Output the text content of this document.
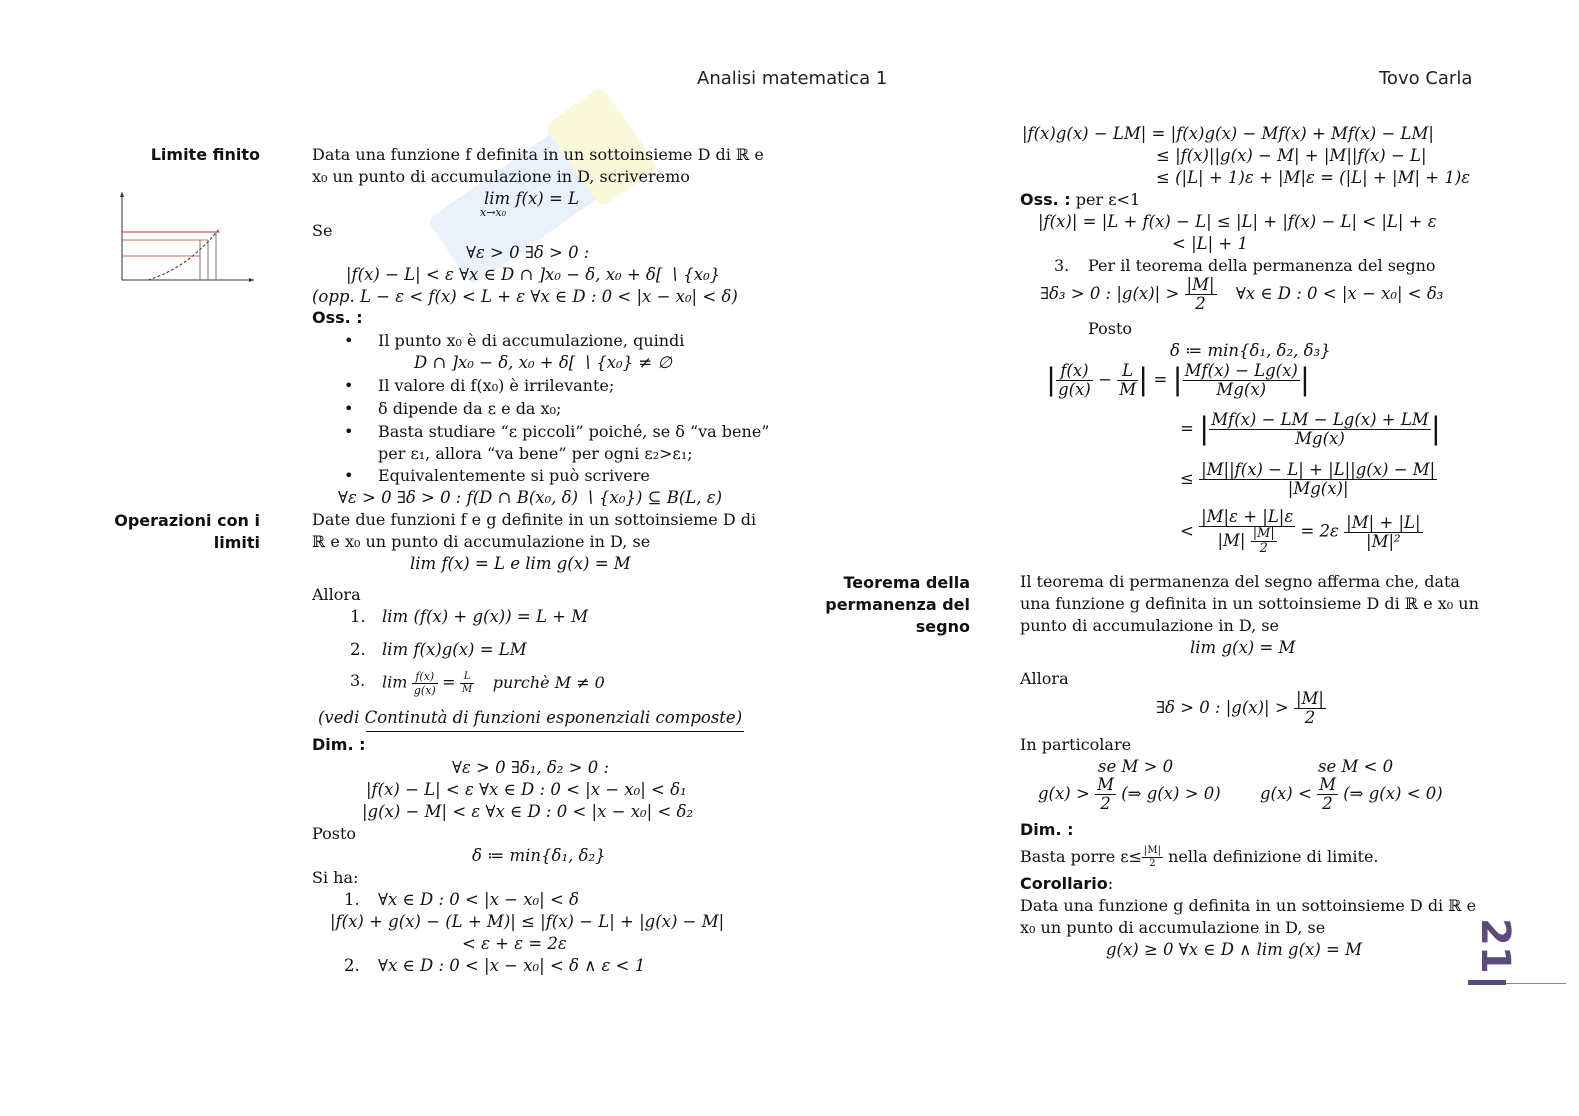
Analisi matematica 1	Tovo Carla
21
Limite finito
Operazioni con i limiti
Teorema della permanenza del segno
Data una funzione f definita in un sottoinsieme D di ℝ e
x₀ un punto di accumulazione in D, scriveremo
lim f(x) = L
x→x₀
Se
∀ε > 0 ∃δ > 0 :
|f(x) − L| < ε ∀x ∈ D ∩ ]x₀ − δ, x₀ + δ[ ∖ {x₀}
(opp. L − ε < f(x) < L + ε ∀x ∈ D : 0 < |x − x₀| < δ)
Oss. :
• Il punto x₀ è di accumulazione, quindi
D ∩ ]x₀ − δ, x₀ + δ[ ∖ {x₀} ≠ ∅
• Il valore di f(x₀) è irrilevante;
• δ dipende da ε e da x₀;
• Basta studiare “ε piccoli” poiché, se δ “va bene”
per ε₁, allora “va bene” per ogni ε₂>ε₁;
• Equivalentemente si può scrivere
∀ε > 0 ∃δ > 0 : f(D ∩ B(x₀, δ) ∖ {x₀}) ⊆ B(L, ε)
Date due funzioni f e g definite in un sottoinsieme D di
ℝ e x₀ un punto di accumulazione in D, se
lim f(x) = L e lim g(x) = M
Allora
1. lim (f(x) + g(x)) = L + M
2. lim f(x)g(x) = LM
3. $\lim \frac{f(x)}{g(x)} = \frac{L}{M}$ purchè M ≠ 0
(vedi Continutà di funzioni esponenziali composte)
Dim. :
∀ε > 0 ∃δ₁, δ₂ > 0 :
|f(x) − L| < ε ∀x ∈ D : 0 < |x − x₀| < δ₁
|g(x) − M| < ε ∀x ∈ D : 0 < |x − x₀| < δ₂
Posto
δ ≔ min{δ₁, δ₂}
Si ha:
1. ∀x ∈ D : 0 < |x − x₀| < δ
|f(x) + g(x) − (L + M)| ≤ |f(x) − L| + |g(x) − M|
< ε + ε = 2ε
2. ∀x ∈ D : 0 < |x − x₀| < δ ∧ ε < 1
|f(x)g(x) − LM| = |f(x)g(x) − Mf(x) + Mf(x) − LM|
≤ |f(x)||g(x) − M| + |M||f(x) − L|
≤ (|L| + 1)ε + |M|ε = (|L| + |M| + 1)ε
Oss. : per ε<1
|f(x)| = |L + f(x) − L| ≤ |L| + |f(x) − L| < |L| + ε
< |L| + 1
3. Per il teorema della permanenza del segno
∃δ₃ > 0 : $|g(x)| > \frac{|M|}{2}$ ∀x ∈ D : 0 < |x − x₀| < δ₃
Posto
δ ≔ min{δ₁, δ₂, δ₃}
| $\frac{f(x)}{g(x)} - \frac{L}{M}$ | = | $\frac{Mf(x) - Lg(x)}{Mg(x)}$ |
= | $\frac{Mf(x) - LM - Lg(x) + LM}{Mg(x)}$ |
≤ $\frac{|M||f(x) - L| + |L||g(x) - M|}{|Mg(x)|}$
< $\frac{|M|\varepsilon + |L|\varepsilon}{|M| \frac{|M|}{2}} = 2\varepsilon \frac{|M| + |L|}{\text{|M|²}}$
Il teorema di permanenza del segno afferma che, data
una funzione g definita in un sottoinsieme D di ℝ e x₀ un
punto di accumulazione in D, se
lim g(x) = M
Allora
∃δ > 0 : $|g(x)| > \frac{|M|}{2}$
In particolare
se M > 0	se M < 0
$g(x) > \frac{M}{2}$ (⇒ g(x) > 0) $g(x) < \frac{M}{2}$ (⇒ g(x) < 0)
Dim. :
Basta porre $\varepsilon\le \frac{|M|}{2}$ nella definizione di limite.
Corollario:
Data una funzione g definita in un sottoinsieme D di ℝ e
x₀ un punto di accumulazione in D, se
g(x) ≥ 0 ∀x ∈ D ∧ lim g(x) = M
